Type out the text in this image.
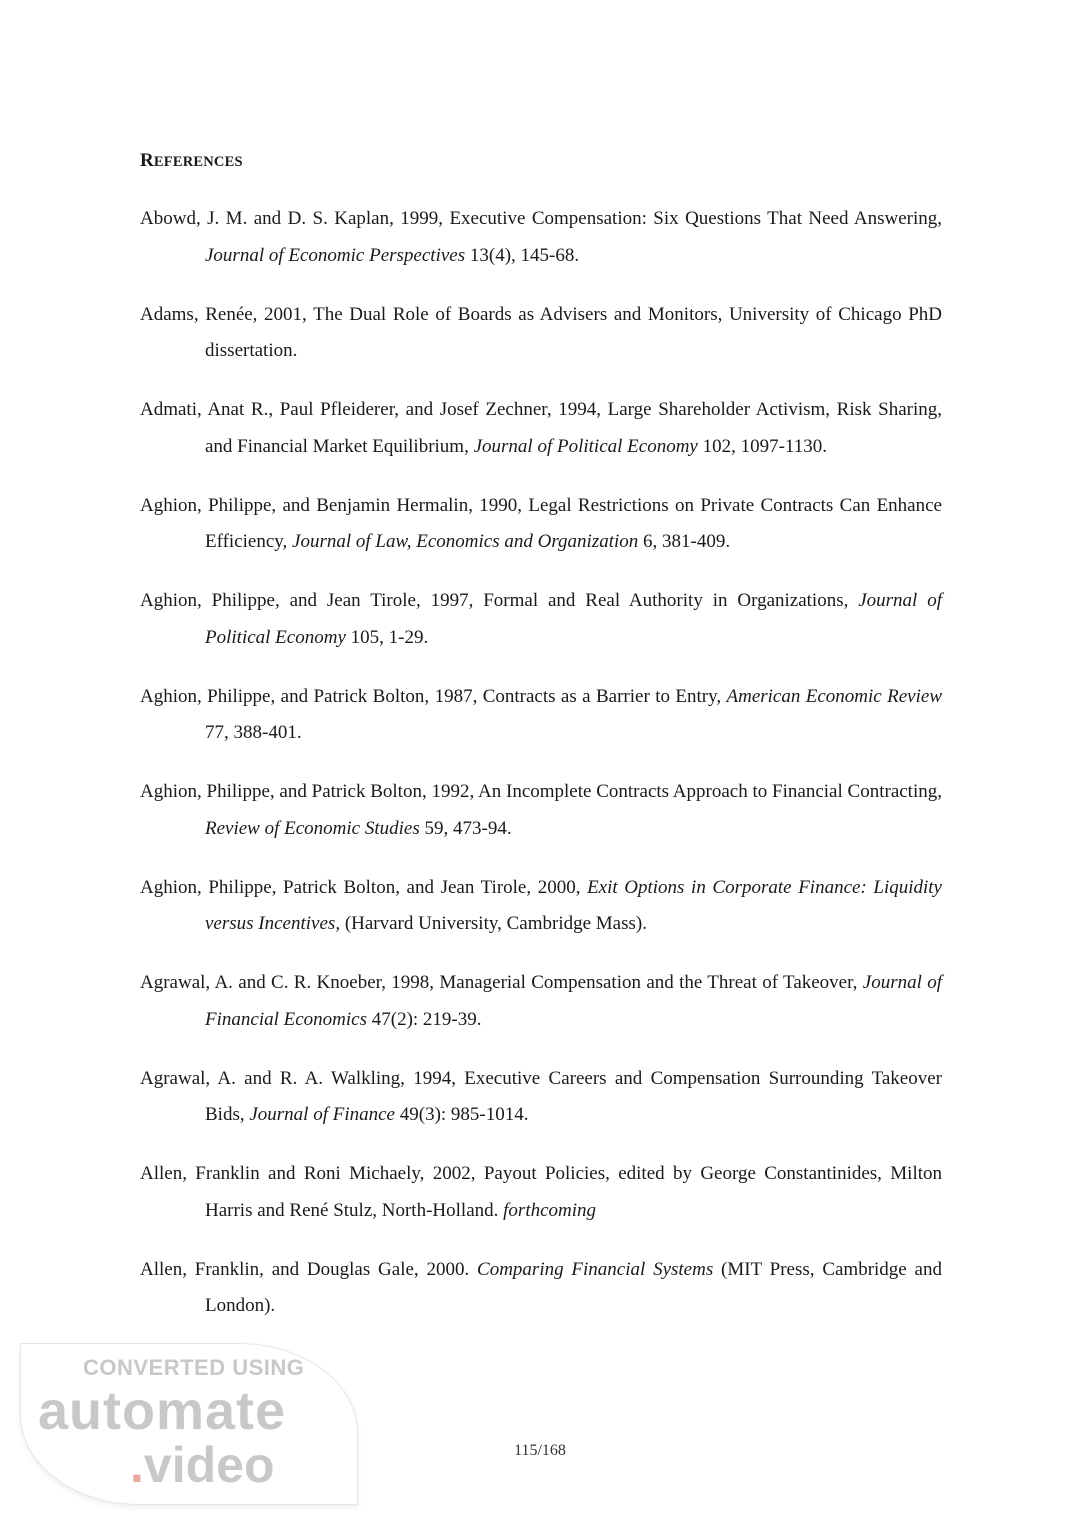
REFERENCES

Abowd, J. M. and D. S. Kaplan, 1999, Executive Compensation: Six Questions That Need Answering, Journal of Economic Perspectives 13(4), 145-68.

Adams, Renée, 2001, The Dual Role of Boards as Advisers and Monitors, University of Chicago PhD dissertation.

Admati, Anat R., Paul Pfleiderer, and Josef Zechner, 1994, Large Shareholder Activism, Risk Sharing, and Financial Market Equilibrium, Journal of Political Economy 102, 1097-1130.

Aghion, Philippe, and Benjamin Hermalin, 1990, Legal Restrictions on Private Contracts Can Enhance Efficiency, Journal of Law, Economics and Organization 6, 381-409.

Aghion, Philippe, and Jean Tirole, 1997, Formal and Real Authority in Organizations, Journal of Political Economy 105, 1-29.

Aghion, Philippe, and Patrick Bolton, 1987, Contracts as a Barrier to Entry, American Economic Review 77, 388-401.

Aghion, Philippe, and Patrick Bolton, 1992, An Incomplete Contracts Approach to Financial Contracting, Review of Economic Studies 59, 473-94.

Aghion, Philippe, Patrick Bolton, and Jean Tirole, 2000, Exit Options in Corporate Finance: Liquidity versus Incentives, (Harvard University, Cambridge Mass).

Agrawal, A. and C. R. Knoeber, 1998, Managerial Compensation and the Threat of Takeover, Journal of Financial Economics 47(2): 219-39.

Agrawal, A. and R. A. Walkling, 1994, Executive Careers and Compensation Surrounding Takeover Bids, Journal of Finance 49(3): 985-1014.

Allen, Franklin and Roni Michaely, 2002, Payout Policies, edited by George Constantinides, Milton Harris and René Stulz, North-Holland. forthcoming

Allen, Franklin, and Douglas Gale, 2000. Comparing Financial Systems (MIT Press, Cambridge and London).

115/168
CONVERTED USING
automate
.video
